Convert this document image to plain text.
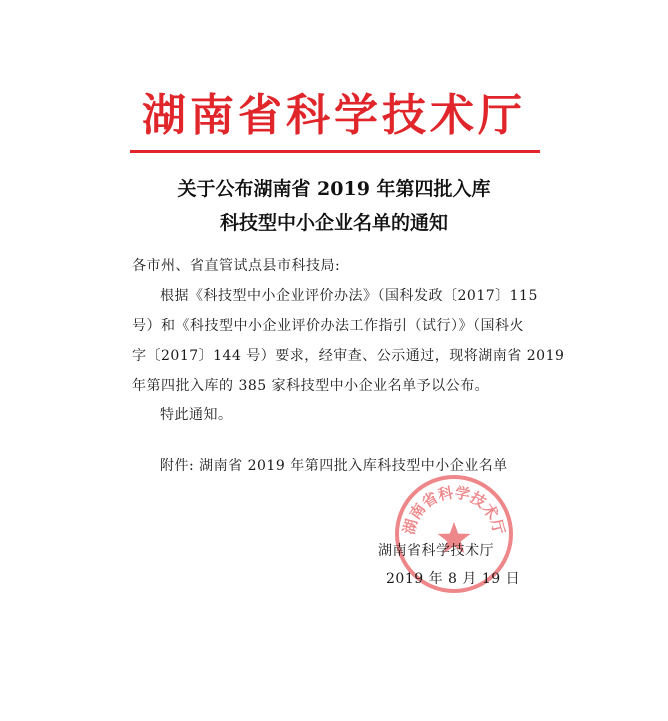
湖南省科学技术厅
关于公布湖南省 2019 年第四批入库
科技型中小企业名单的通知
各市州、省直管试点县市科技局:
根据《科技型中小企业评价办法》（国科发政〔2017〕115
号）和《科技型中小企业评价办法工作指引（试行）》（国科火
字〔2017〕144 号）要求，经审查、公示通过，现将湖南省 2019
年第四批入库的 385 家科技型中小企业名单予以公布。
特此通知。
附件: 湖南省 2019 年第四批入库科技型中小企业名单
湖南省科学技术厅
湖南省科学技术厅
2019 年 8 月 19 日
